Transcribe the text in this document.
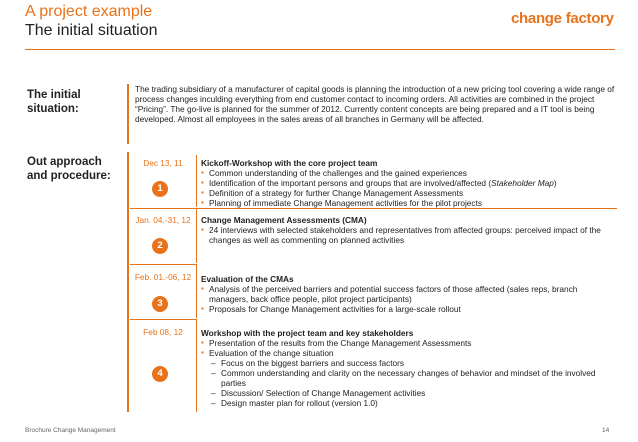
A project example
The initial situation
change factory
The initial situation:
The trading subsidiary of a manufacturer of capital goods is planning the introduction of a new pricing tool covering a wide range of process changes inculding everything from end customer contact to incoming orders. All activities are combined in the project “Pricing”. The go-live is planned for the summer of 2012. Currently content concepts are being prepared and a IT tool is being developed. Almost all employees in the sales areas of all branches in Germany will be affected.
Out approach and procedure:
Dec 13, 11
1
Kickoff-Workshop with the core project team
▪ Common understanding of the challenges and the gained experiences
▪ Identification of the important persons and groups that are involved/affected (Stakeholder Map)
▪ Definition of a strategy for further Change Management Assessments
▪ Planning of immediate Change Management activities for the pilot projects
Jan. 04.-31, 12
2
Change Management Assessments (CMA)
▪ 24 interviews with selected stakeholders and representatives from affected groups: perceived impact of the changes as well as commenting on planned activities
Feb. 01.-06, 12
3
Evaluation of the CMAs
▪ Analysis of the perceived barriers and potential success factors of those affected (sales reps, branch managers, back office people, pilot project participants)
▪ Proposals for Change Management activities for a large-scale rollout
Feb 08, 12
4
Workshop with the project team and key stakeholders
▪ Presentation of the results from the Change Management Assessments
▪ Evaluation of the change situation
– Focus on the biggest barriers and success factors
– Common understanding and clarity on the necessary changes of behavior and mindset of the involved parties
– Discussion/ Selection of Change Management activities
– Design master plan for rollout (version 1.0)
Brochure Change Management	14
